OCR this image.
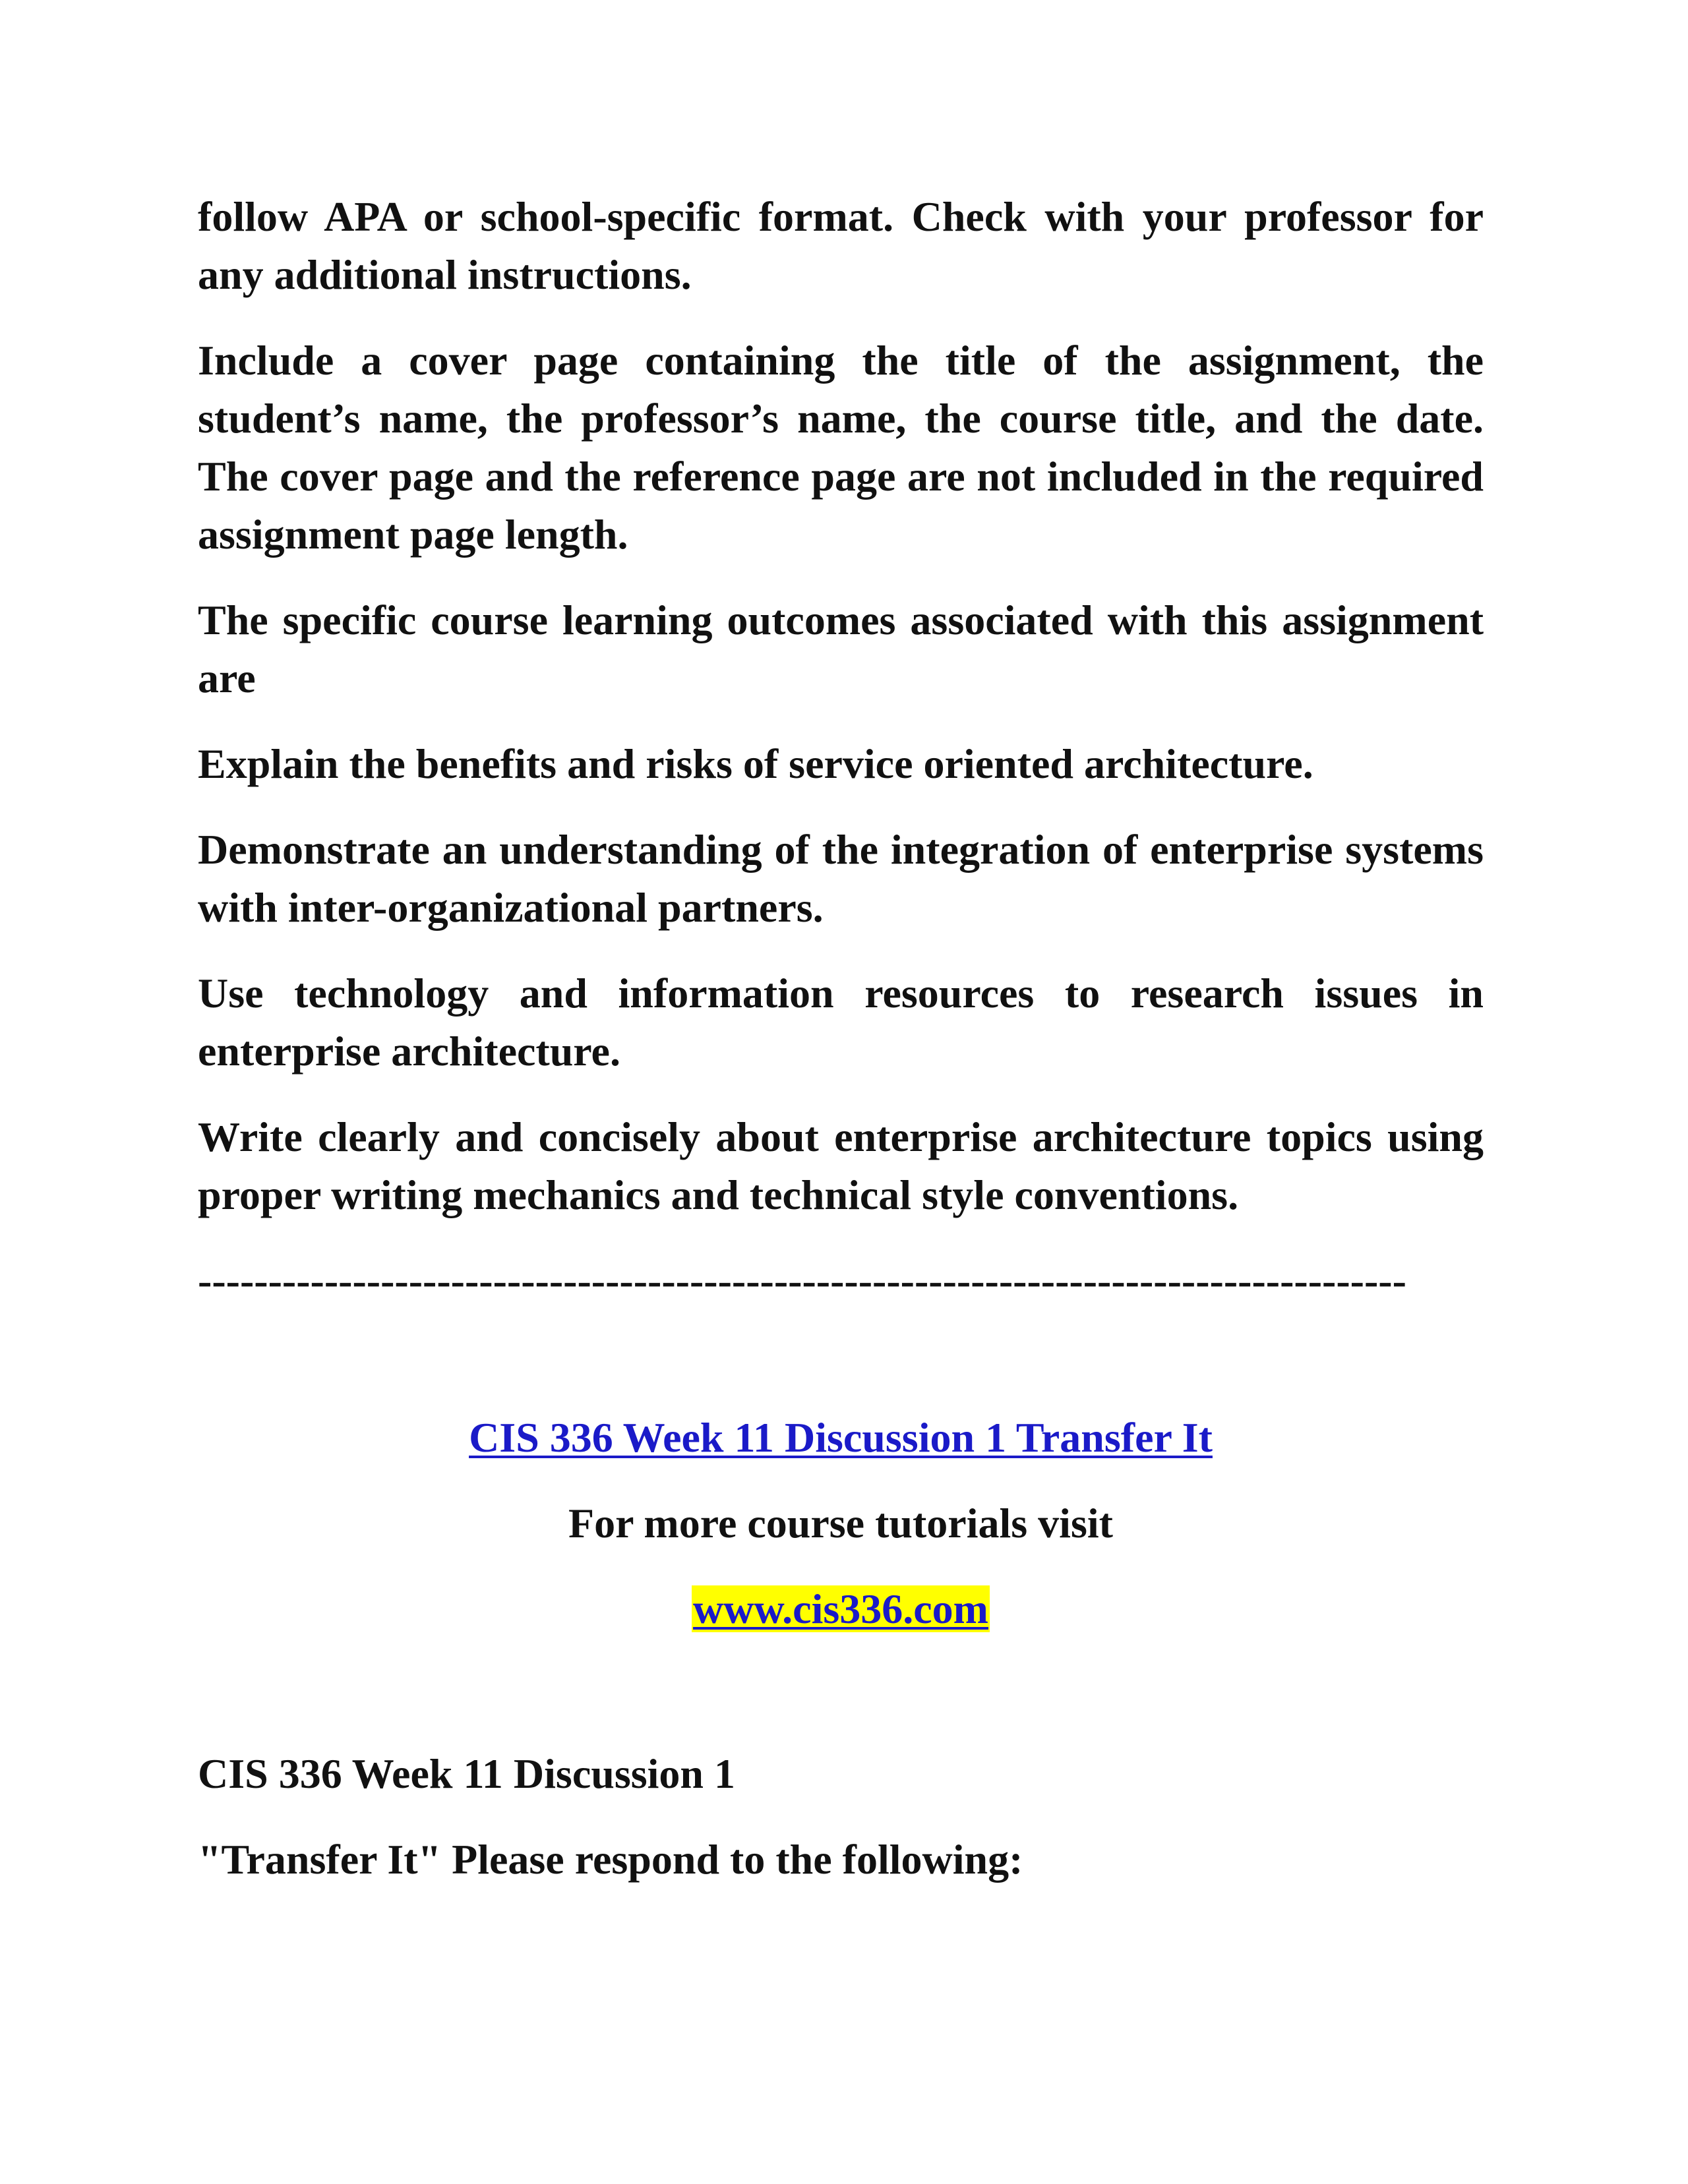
follow APA or school-specific format. Check with your professor for any additional instructions.

Include a cover page containing the title of the assignment, the student’s name, the professor’s name, the course title, and the date. The cover page and the reference page are not included in the required assignment page length.

The specific course learning outcomes associated with this assignment are

Explain the benefits and risks of service oriented architecture.

Demonstrate an understanding of the integration of enterprise systems with inter-organizational partners.

Use technology and information resources to research issues in enterprise architecture.

Write clearly and concisely about enterprise architecture topics using proper writing mechanics and technical style conventions.

--------------------------------------------------------------------------------------

CIS 336 Week 11 Discussion 1 Transfer It

For more course tutorials visit

www.cis336.com

CIS 336 Week 11 Discussion 1

"Transfer It" Please respond to the following:
